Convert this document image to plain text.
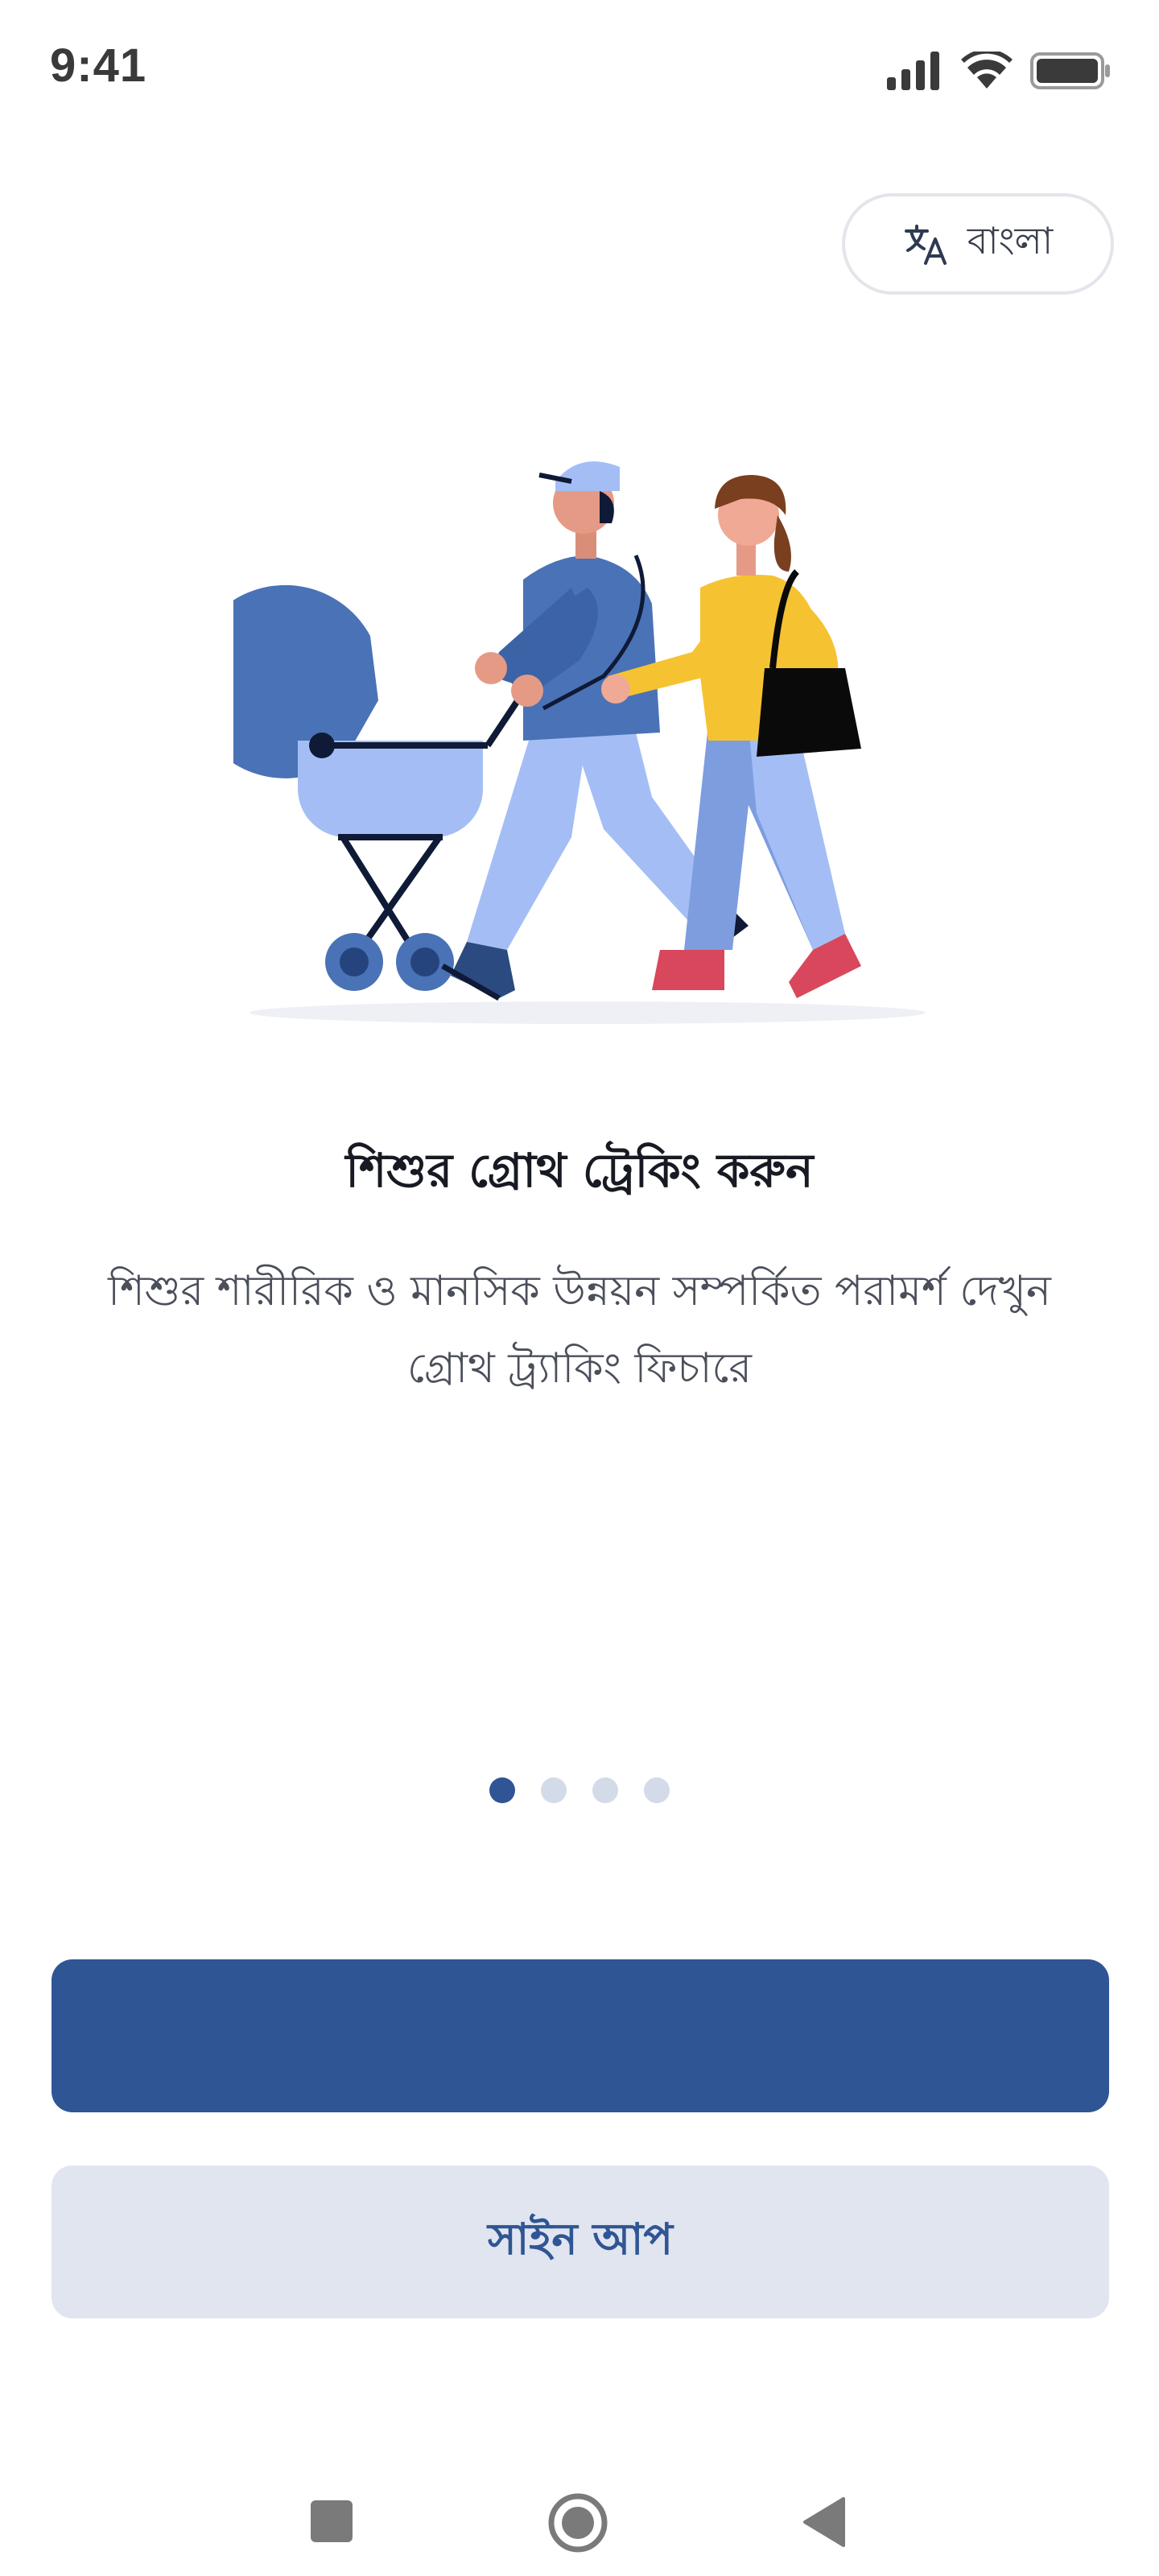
9:41
বাংলা
শিশুর গ্রোথ ট্রেকিং করুন
শিশুর শারীরিক ও মানসিক উন্নয়ন সম্পর্কিত পরামর্শ দেখুন গ্রোথ ট্র্যাকিং ফিচারে
সাইন আপ
